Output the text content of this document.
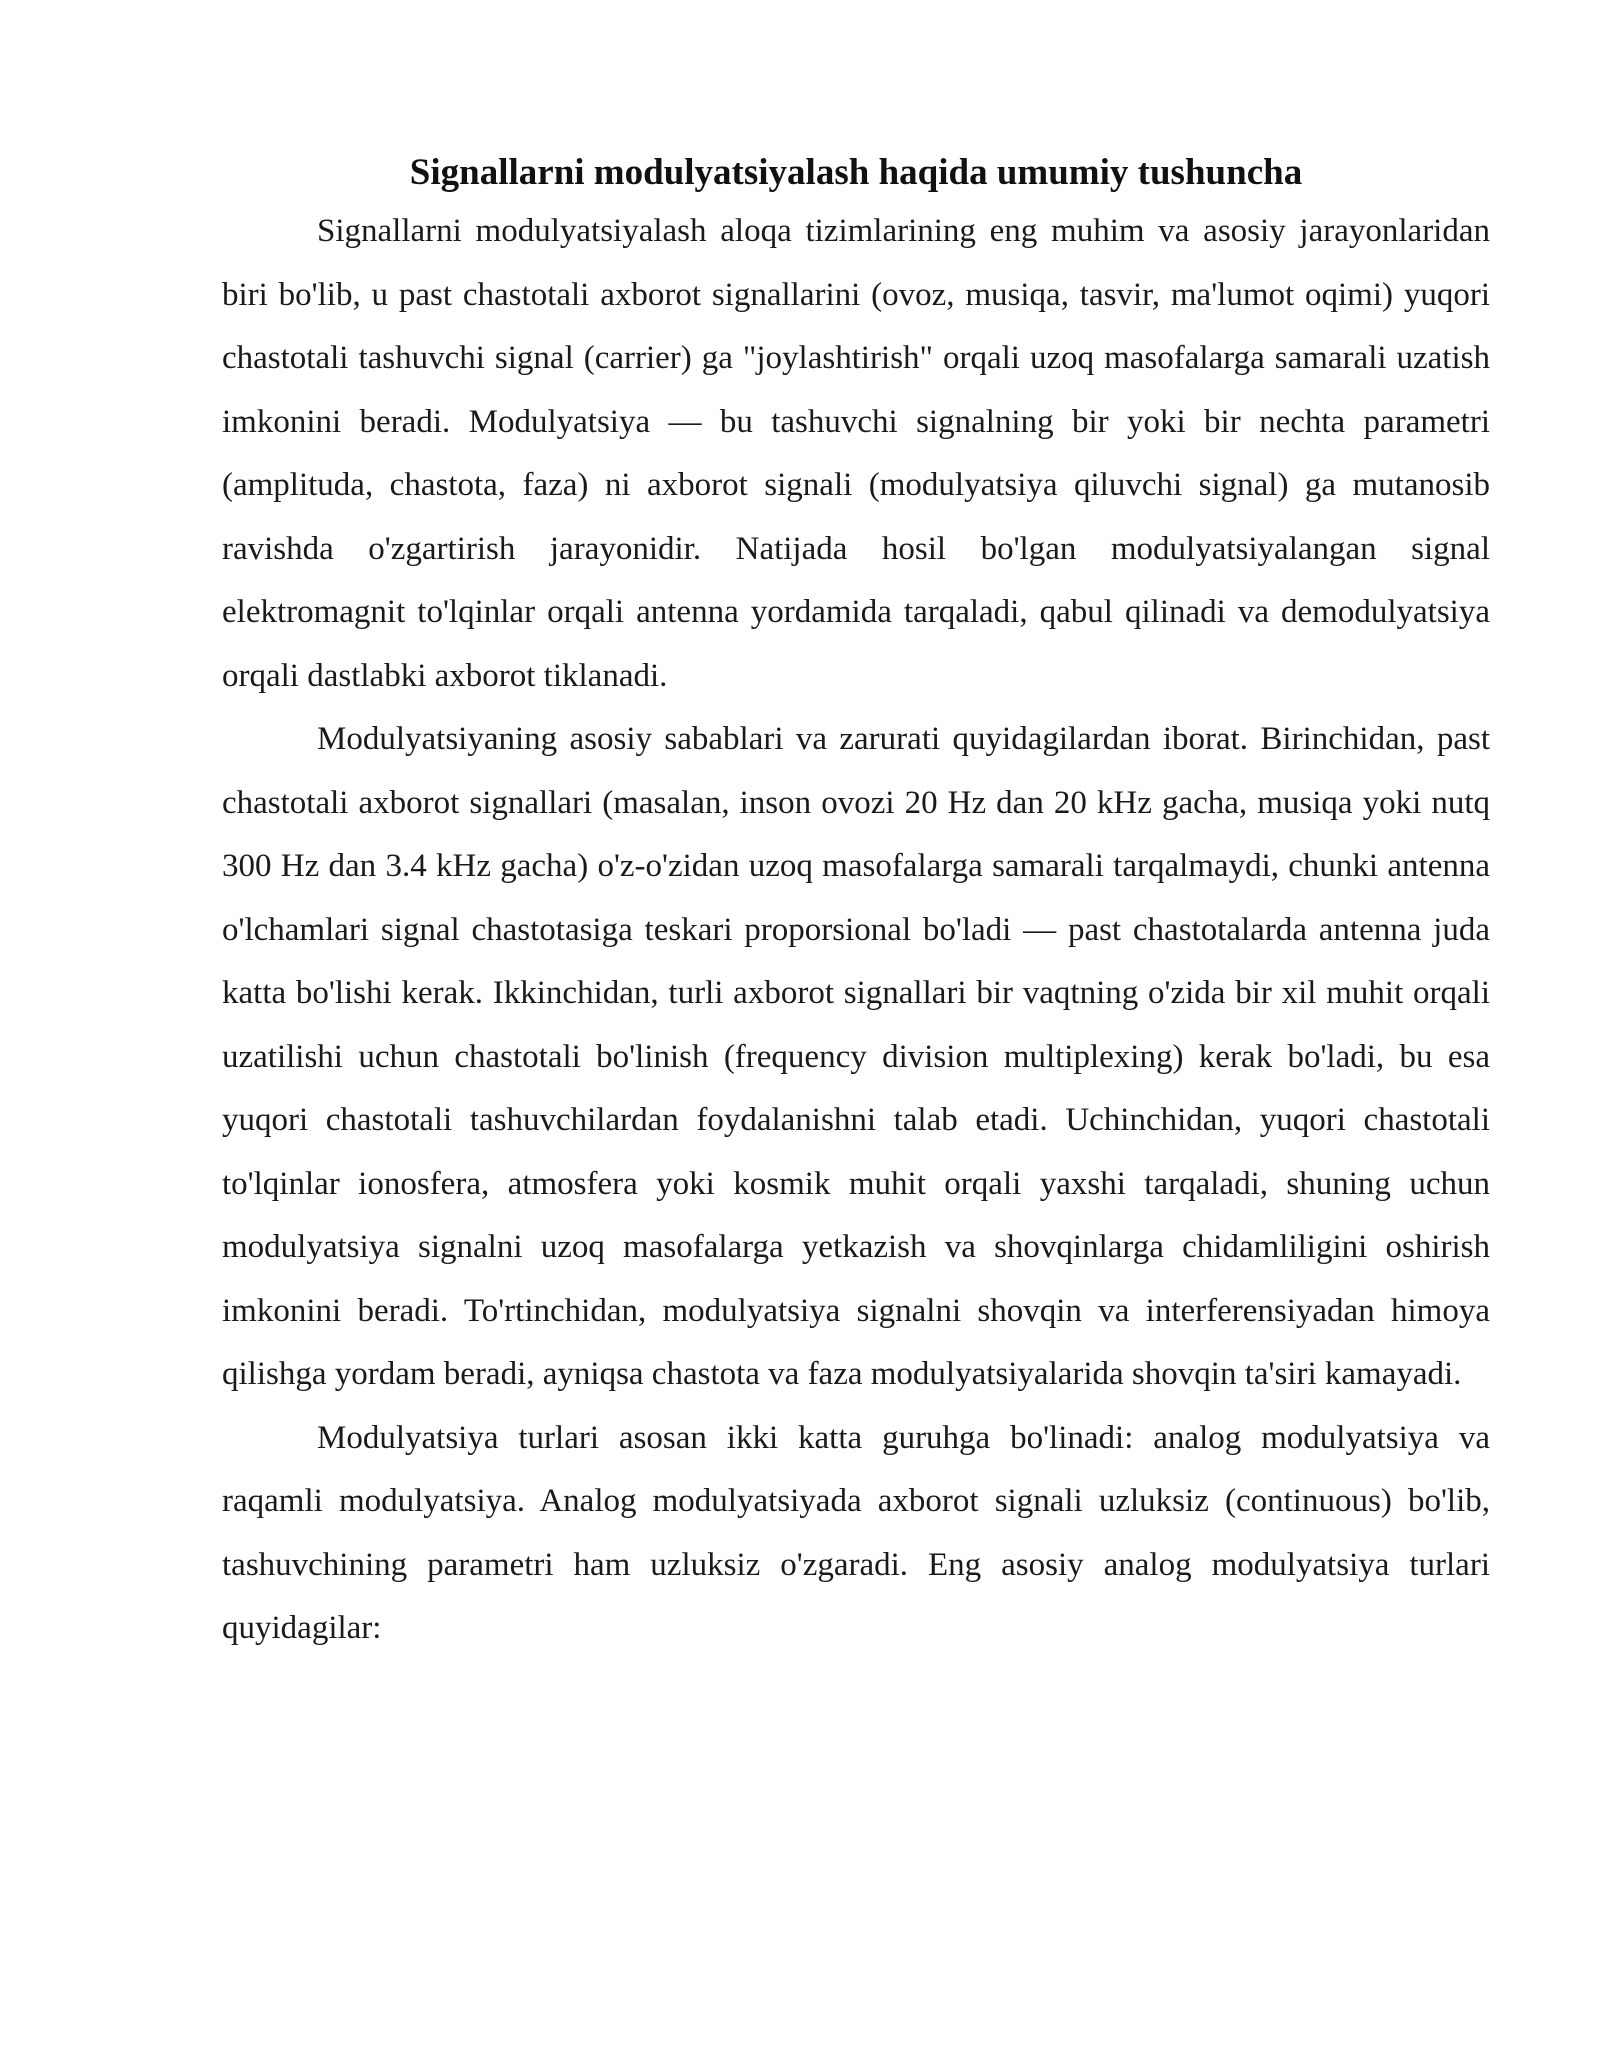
Signallarni modulyatsiyalash haqida umumiy tushuncha

Signallarni modulyatsiyalash aloqa tizimlarining eng muhim va asosiy jarayonlaridan biri bo'lib, u past chastotali axborot signallarini (ovoz, musiqa, tasvir, ma'lumot oqimi) yuqori chastotali tashuvchi signal (carrier) ga "joylashtirish" orqali uzoq masofalarga samarali uzatish imkonini beradi. Modulyatsiya — bu tashuvchi signalning bir yoki bir nechta parametri (amplituda, chastota, faza) ni axborot signali (modulyatsiya qiluvchi signal) ga mutanosib ravishda o'zgartirish jarayonidir. Natijada hosil bo'lgan modulyatsiyalangan signal elektromagnit to'lqinlar orqali antenna yordamida tarqaladi, qabul qilinadi va demodulyatsiya orqali dastlabki axborot tiklanadi.

Modulyatsiyaning asosiy sabablari va zarurati quyidagilardan iborat. Birinchidan, past chastotali axborot signallari (masalan, inson ovozi 20 Hz dan 20 kHz gacha, musiqa yoki nutq 300 Hz dan 3.4 kHz gacha) o'z-o'zidan uzoq masofalarga samarali tarqalmaydi, chunki antenna o'lchamlari signal chastotasiga teskari proporsional bo'ladi — past chastotalarda antenna juda katta bo'lishi kerak. Ikkinchidan, turli axborot signallari bir vaqtning o'zida bir xil muhit orqali uzatilishi uchun chastotali bo'linish (frequency division multiplexing) kerak bo'ladi, bu esa yuqori chastotali tashuvchilardan foydalanishni talab etadi. Uchinchidan, yuqori chastotali to'lqinlar ionosfera, atmosfera yoki kosmik muhit orqali yaxshi tarqaladi, shuning uchun modulyatsiya signalni uzoq masofalarga yetkazish va shovqinlarga chidamliligini oshirish imkonini beradi. To'rtinchidan, modulyatsiya signalni shovqin va interferensiyadan himoya qilishga yordam beradi, ayniqsa chastota va faza modulyatsiyalarida shovqin ta'siri kamayadi.

Modulyatsiya turlari asosan ikki katta guruhga bo'linadi: analog modulyatsiya va raqamli modulyatsiya. Analog modulyatsiyada axborot signali uzluksiz (continuous) bo'lib, tashuvchining parametri ham uzluksiz o'zgaradi. Eng asosiy analog modulyatsiya turlari quyidagilar:
